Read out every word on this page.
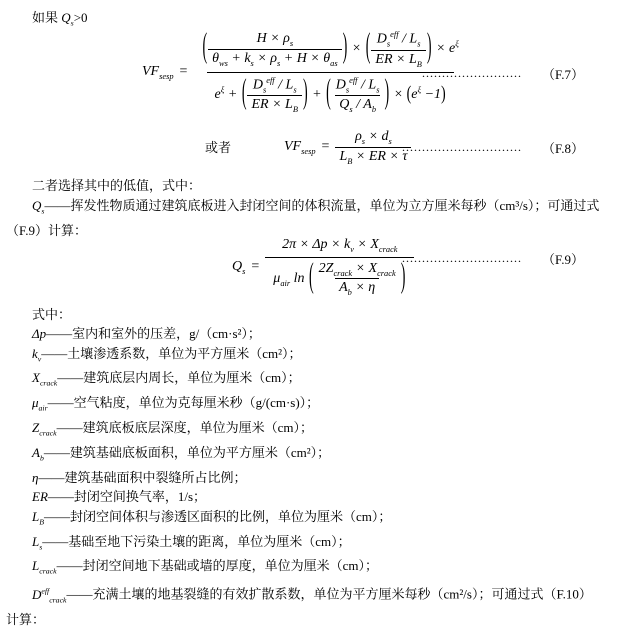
如果 $Q_s>0$
$VF_{sesp}$ =
( $\frac{H \times \rho_s}{\theta_{ws} + k_s \times \rho_s + H \times \theta_{as}}$ ) × ( $\frac{D_s^{eff} / L_s}{ER \times L_B}$ ) × $e^\xi$
$e^\xi$ + ( $\frac{D_s^{eff} / L_s}{ER \times L_B}$ ) + ( $\frac{D_s^{eff} / L_s}{Q_s / A_b}$ ) × $(e^\xi -1)$
......................... （F.7）
或者	$VF_{sesp} = \frac{\rho_s \times d_s}{L_B \times ER \times \tau}$
.............................. （F.8）
二者选择其中的低值，式中：
$Q_s——$挥发性物质通过建筑底板进入封闭空间的体积流量，单位为立方厘米每秒（cm³/s）；可通过式（F.9）计算：
$Q_s = \frac{2\pi \times \Delta p \times k_v \times X_{crack}}{\mu_{air} \ln ( \frac{2Z_{crack} \times X_{crack}}{A_b \times \eta} )}$
.............................. （F.9）
式中：
Δp——室内和室外的压差，g/（cm·s²）；
$k_v——$土壤渗透系数，单位为平方厘米（cm²）；
$X_{crack}——$建筑底层内周长，单位为厘米（cm）；
$\mu_{air}——$空气粘度，单位为克每厘米秒（g/(cm·s)）；
$Z_{crack}——$建筑底板底层深度，单位为厘米（cm）；
$A_b——$建筑基础底板面积，单位为平方厘米（cm²）；
η——建筑基础面积中裂缝所占比例；
ER——封闭空间换气率，1/s；
$L_B——$封闭空间体积与渗透区面积的比例，单位为厘米（cm）；
$L_s——$基础至地下污染土壤的距离，单位为厘米（cm）；
$L_{crack}——$封闭空间地下基础或墙的厚度，单位为厘米（cm）；
$D^{eff}_{crack}——$充满土壤的地基裂缝的有效扩散系数，单位为平方厘米每秒（cm²/s）；可通过式（F.10）
计算：
